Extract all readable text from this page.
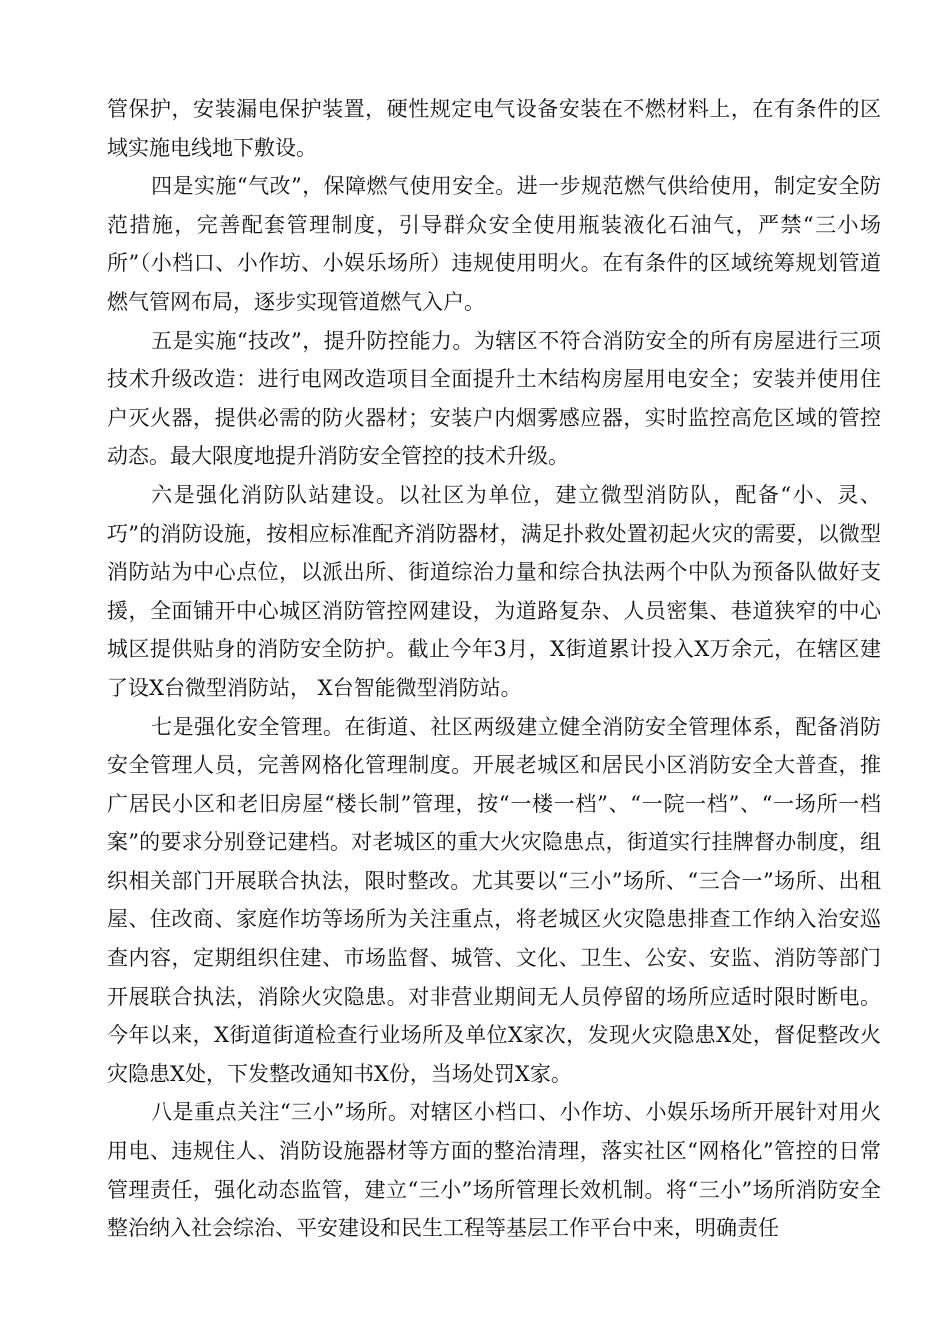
管保护，安装漏电保护装置，硬性规定电气设备安装在不燃材料上，在有条件的区域实施电线地下敷设。

四是实施“气改”，保障燃气使用安全。进一步规范燃气供给使用，制定安全防范措施，完善配套管理制度，引导群众安全使用瓶装液化石油气，严禁“三小场所”（小档口、小作坊、小娱乐场所）违规使用明火。在有条件的区域统筹规划管道燃气管网布局，逐步实现管道燃气入户。

五是实施“技改”，提升防控能力。为辖区不符合消防安全的所有房屋进行三项技术升级改造：进行电网改造项目全面提升土木结构房屋用电安全；安装并使用住户灭火器，提供必需的防火器材；安装户内烟雾感应器，实时监控高危区域的管控动态。最大限度地提升消防安全管控的技术升级。

六是强化消防队站建设。以社区为单位，建立微型消防队，配备“小、灵、巧”的消防设施，按相应标准配齐消防器材，满足扑救处置初起火灾的需要，以微型消防站为中心点位，以派出所、街道综治力量和综合执法两个中队为预备队做好支援，全面铺开中心城区消防管控网建设，为道路复杂、人员密集、巷道狭窄的中心城区提供贴身的消防安全防护。截止今年3月，X街道累计投入X万余元，在辖区建了设X台微型消防站， X台智能微型消防站。

七是强化安全管理。在街道、社区两级建立健全消防安全管理体系，配备消防安全管理人员，完善网格化管理制度。开展老城区和居民小区消防安全大普查，推广居民小区和老旧房屋“楼长制”管理，按“一楼一档”、“一院一档”、“一场所一档案”的要求分别登记建档。对老城区的重大火灾隐患点，街道实行挂牌督办制度，组织相关部门开展联合执法，限时整改。尤其要以“三小”场所、“三合一”场所、出租屋、住改商、家庭作坊等场所为关注重点，将老城区火灾隐患排查工作纳入治安巡查内容，定期组织住建、市场监督、城管、文化、卫生、公安、安监、消防等部门开展联合执法，消除火灾隐患。对非营业期间无人员停留的场所应适时限时断电。今年以来，X街道街道检查行业场所及单位X家次，发现火灾隐患X处，督促整改火灾隐患X处，下发整改通知书X份，当场处罚X家。

八是重点关注“三小”场所。对辖区小档口、小作坊、小娱乐场所开展针对用火用电、违规住人、消防设施器材等方面的整治清理，落实社区“网格化”管控的日常管理责任，强化动态监管，建立“三小”场所管理长效机制。将“三小”场所消防安全整治纳入社会综治、平安建设和民生工程等基层工作平台中来，明确责任
